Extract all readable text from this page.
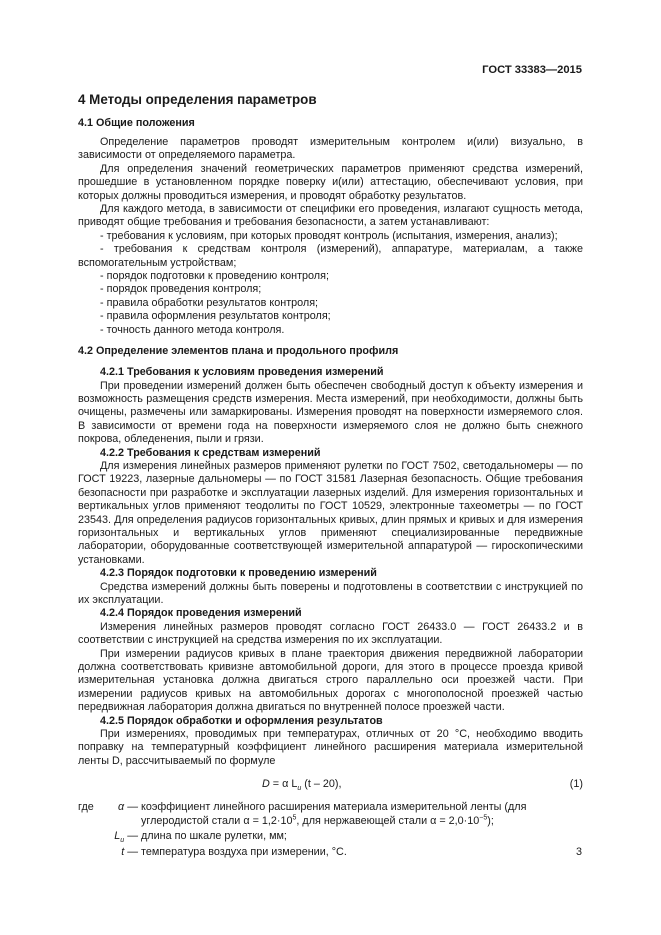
ГОСТ 33383—2015
4 Методы определения параметров
4.1 Общие положения

Определение параметров проводят измерительным контролем и(или) визуально, в зависимости от определяемого параметра.

Для определения значений геометрических параметров применяют средства измерений, прошедшие в установленном порядке поверку и(или) аттестацию, обеспечивают условия, при которых должны проводиться измерения, и проводят обработку результатов.

Для каждого метода, в зависимости от специфики его проведения, излагают сущность метода, приводят общие требования и требования безопасности, а затем устанавливают:

- требования к условиям, при которых проводят контроль (испытания, измерения, анализ);

- требования к средствам контроля (измерений), аппаратуре, материалам, а также вспомогательным устройствам;

- порядок подготовки к проведению контроля;

- порядок проведения контроля;

- правила обработки результатов контроля;

- правила оформления результатов контроля;

- точность данного метода контроля.

4.2 Определение элементов плана и продольного профиля
4.2.1 Требования к условиям проведения измерений

При проведении измерений должен быть обеспечен свободный доступ к объекту измерения и возможность размещения средств измерения. Места измерений, при необходимости, должны быть очищены, размечены или замаркированы. Измерения проводят на поверхности измеряемого слоя. В зависимости от времени года на поверхности измеряемого слоя не должно быть снежного покрова, обледенения, пыли и грязи.

4.2.2 Требования к средствам измерений

Для измерения линейных размеров применяют рулетки по ГОСТ 7502, светодальномеры — по ГОСТ 19223, лазерные дальномеры — по ГОСТ 31581 Лазерная безопасность. Общие требования безопасности при разработке и эксплуатации лазерных изделий. Для измерения горизонтальных и вертикальных углов применяют теодолиты по ГОСТ 10529, электронные тахеометры — по ГОСТ 23543. Для определения радиусов горизонтальных кривых, длин прямых и кривых и для измерения горизонтальных и вертикальных углов применяют специализированные передвижные лаборатории, оборудованные соответствующей измерительной аппаратурой — гироскопическими установками.

4.2.3 Порядок подготовки к проведению измерений

Средства измерений должны быть поверены и подготовлены в соответствии с инструкцией по их эксплуатации.

4.2.4 Порядок проведения измерений

Измерения линейных размеров проводят согласно ГОСТ 26433.0 — ГОСТ 26433.2 и в соответствии с инструкцией на средства измерения по их эксплуатации.

При измерении радиусов кривых в плане траектория движения передвижной лаборатории должна соответствовать кривизне автомобильной дороги, для этого в процессе проезда кривой измерительная установка должна двигаться строго параллельно оси проезжей части. При измерении радиусов кривых на автомобильных дорогах с многополосной проезжей частью передвижная лаборатория должна двигаться по внутренней полосе проезжей части.

4.2.5 Порядок обработки и оформления результатов

При измерениях, проводимых при температурах, отличных от 20 °С, необходимо вводить поправку на температурный коэффициент линейного расширения материала измерительной ленты D, рассчитываемый по формуле

D = α $L_u$ (t – 20),	(1)
где	α — коэффициент линейного расширения материала измерительной ленты (для углеродистой стали $\alpha = 1,2\cdot 10^5$, для нержавеющей стали $\alpha = 2,0\cdot 10^{-5}$);
$L_u$ — длина по шкале рулетки, мм;
t — температура воздуха при измерении, °С.	3
